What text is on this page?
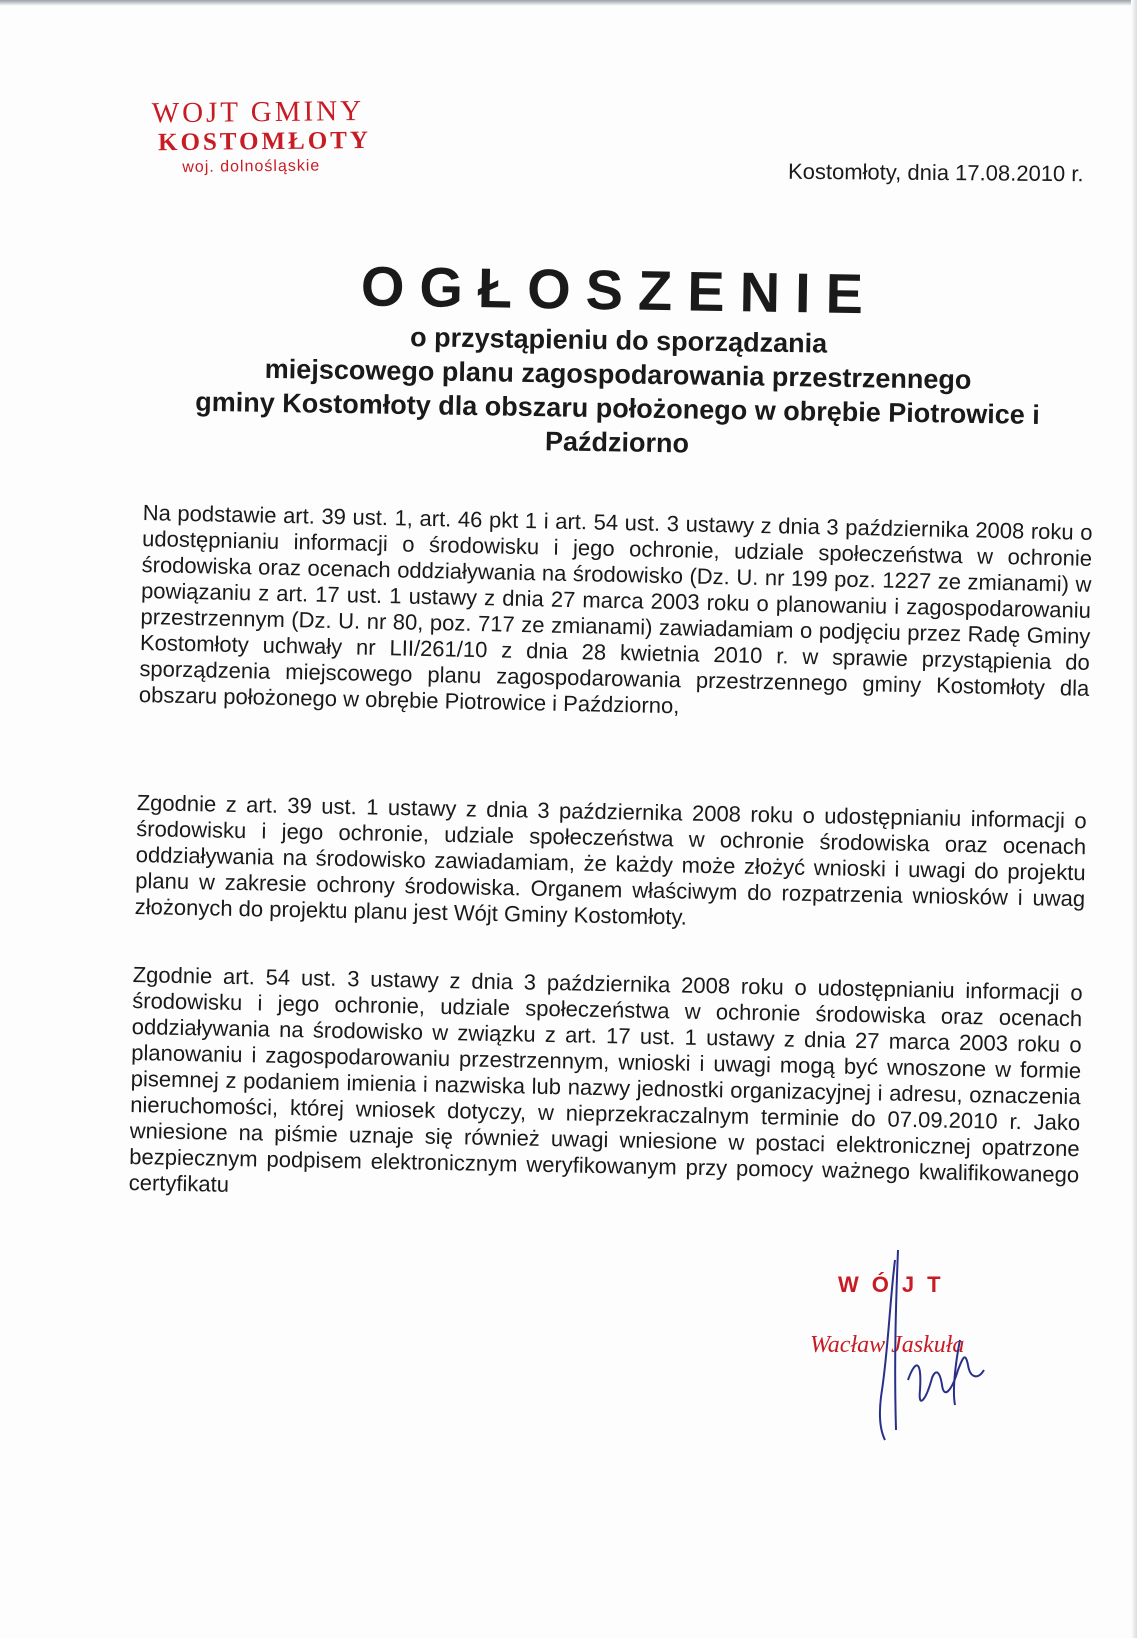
WOJT GMINY
KOSTOMŁOTY
woj. dolnośląskie	Kostomłoty, dnia 17.08.2010 r.
OGŁOSZENIE
o przystąpieniu do sporządzania
miejscowego planu zagospodarowania przestrzennego
gminy Kostomłoty dla obszaru położonego w obrębie Piotrowice i
Paździorno
Na podstawie art. 39 ust. 1, art. 46 pkt 1 i art. 54 ust. 3 ustawy z dnia 3 października 2008 roku o udostępnianiu informacji o środowisku i jego ochronie, udziale społeczeństwa w ochronie środowiska oraz ocenach oddziaływania na środowisko (Dz. U. nr 199 poz. 1227 ze zmianami) w powiązaniu z art. 17 ust. 1 ustawy z dnia 27 marca 2003 roku o planowaniu i zagospodarowaniu przestrzennym (Dz. U. nr 80, poz. 717 ze zmianami) zawiadamiam o podjęciu przez Radę Gminy Kostomłoty uchwały nr LII/261/10 z dnia 28 kwietnia 2010 r. w sprawie przystąpienia do sporządzenia miejscowego planu zagospodarowania przestrzennego gminy Kostomłoty dla obszaru położonego w obrębie Piotrowice i Paździorno,
Zgodnie z art. 39 ust. 1 ustawy z dnia 3 października 2008 roku o udostępnianiu informacji o środowisku i jego ochronie, udziale społeczeństwa w ochronie środowiska oraz ocenach oddziaływania na środowisko zawiadamiam, że każdy może złożyć wnioski i uwagi do projektu planu w zakresie ochrony środowiska. Organem właściwym do rozpatrzenia wniosków i uwag złożonych do projektu planu jest Wójt Gminy Kostomłoty.
Zgodnie art. 54 ust. 3 ustawy z dnia 3 października 2008 roku o udostępnianiu informacji o środowisku i jego ochronie, udziale społeczeństwa w ochronie środowiska oraz ocenach oddziaływania na środowisko w związku z art. 17 ust. 1 ustawy z dnia 27 marca 2003 roku o planowaniu i zagospodarowaniu przestrzennym, wnioski i uwagi mogą być wnoszone w formie pisemnej z podaniem imienia i nazwiska lub nazwy jednostki organizacyjnej i adresu, oznaczenia nieruchomości, której wniosek dotyczy, w nieprzekraczalnym terminie do 07.09.2010 r. Jako wniesione na piśmie uznaje się również uwagi wniesione w postaci elektronicznej opatrzone bezpiecznym podpisem elektronicznym weryfikowanym przy pomocy ważnego kwalifikowanego certyfikatu
WÓJT
Wacław Jaskuła
